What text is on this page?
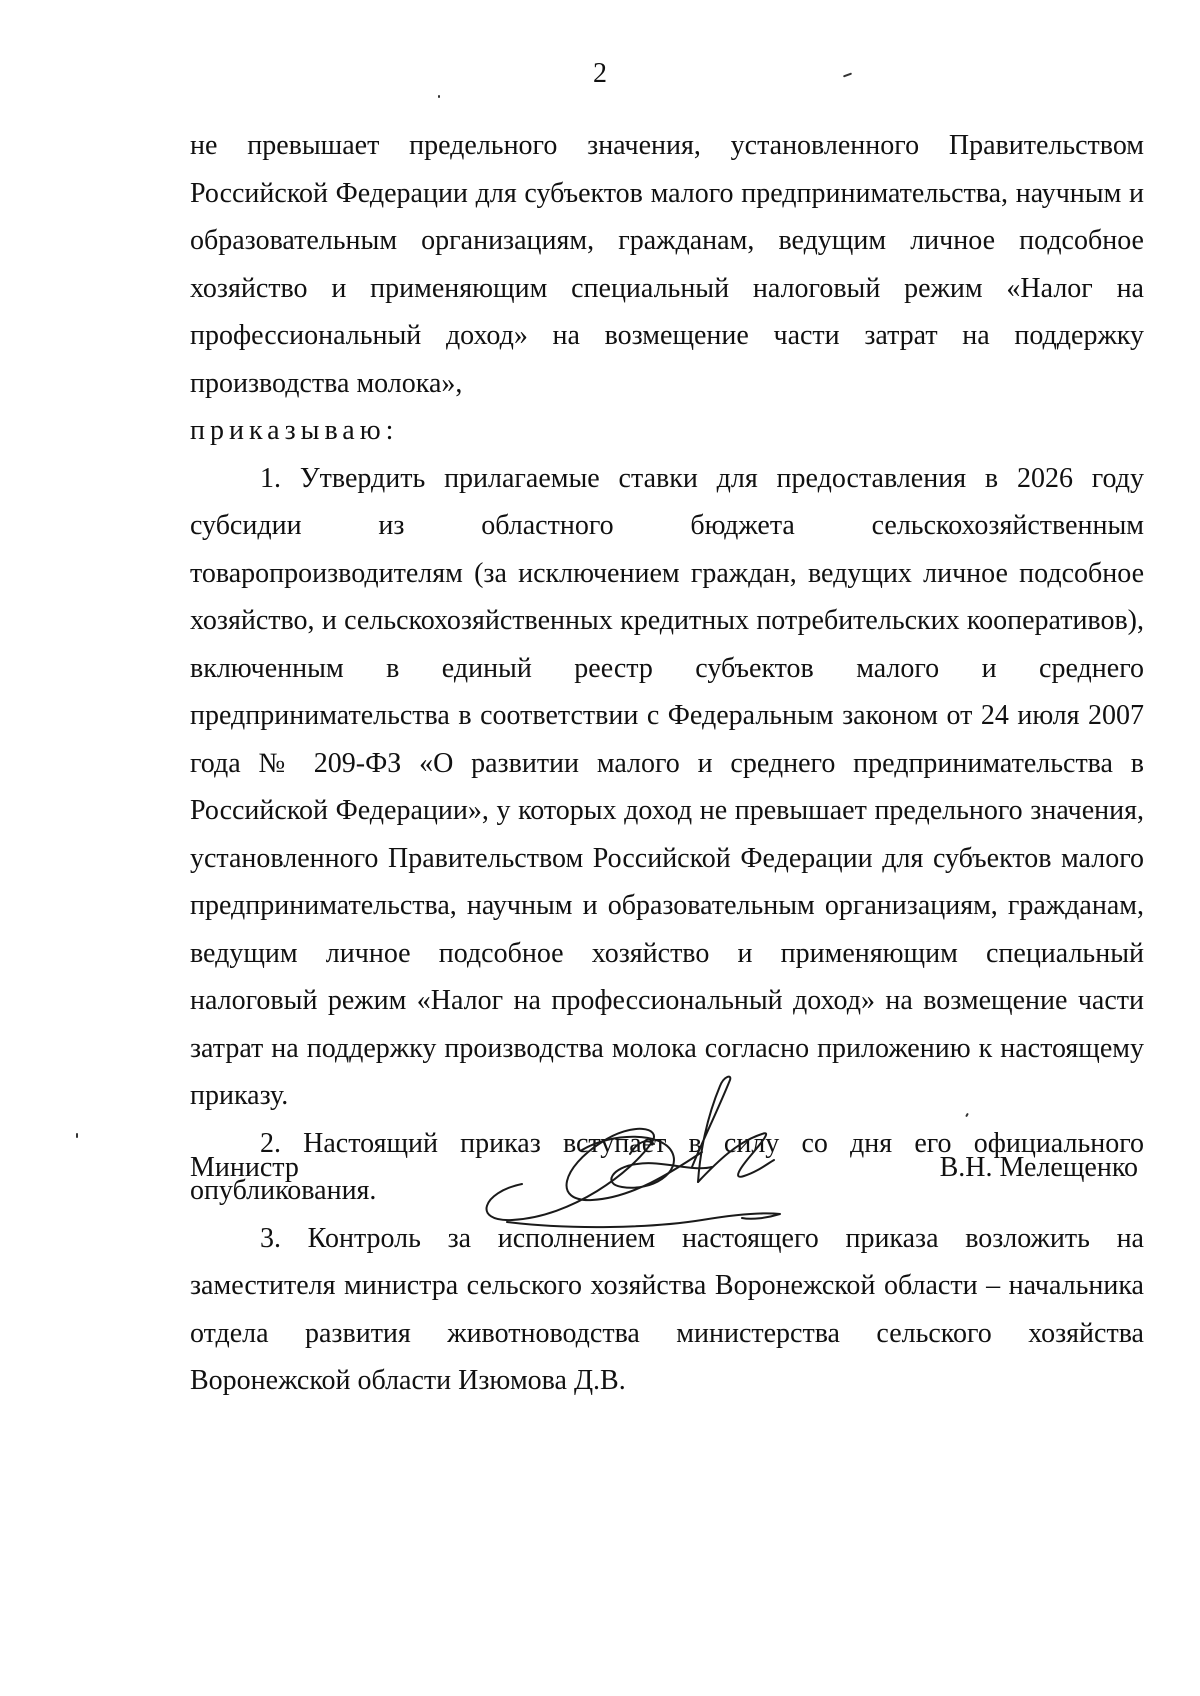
2

не превышает предельного значения, установленного Правительством Российской Федерации для субъектов малого предпринимательства, научным и образовательным организациям, гражданам, ведущим личное подсобное хозяйство и применяющим специальный налоговый режим «Налог на профессиональный доход» на возмещение части затрат на поддержку производства молока»,

приказываю:

1. Утвердить прилагаемые ставки для предоставления в 2026 году субсидии из областного бюджета сельскохозяйственным товаропроизводителям (за исключением граждан, ведущих личное подсобное хозяйство, и сельскохозяйственных кредитных потребительских кооперативов), включенным в единый реестр субъектов малого и среднего предпринимательства в соответствии с Федеральным законом от 24 июля 2007 года № 209-ФЗ «О развитии малого и среднего предпринимательства в Российской Федерации», у которых доход не превышает предельного значения, установленного Правительством Российской Федерации для субъектов малого предпринимательства, научным и образовательным организациям, гражданам, ведущим личное подсобное хозяйство и применяющим специальный налоговый режим «Налог на профессиональный доход» на возмещение части затрат на поддержку производства молока согласно приложению к настоящему приказу.

2. Настоящий приказ вступает в силу со дня его официального опубликования.

3. Контроль за исполнением настоящего приказа возложить на заместителя министра сельского хозяйства Воронежской области – начальника отдела развития животноводства министерства сельского хозяйства Воронежской области Изюмова Д.В.

Министр	В.Н. Мелещенко
